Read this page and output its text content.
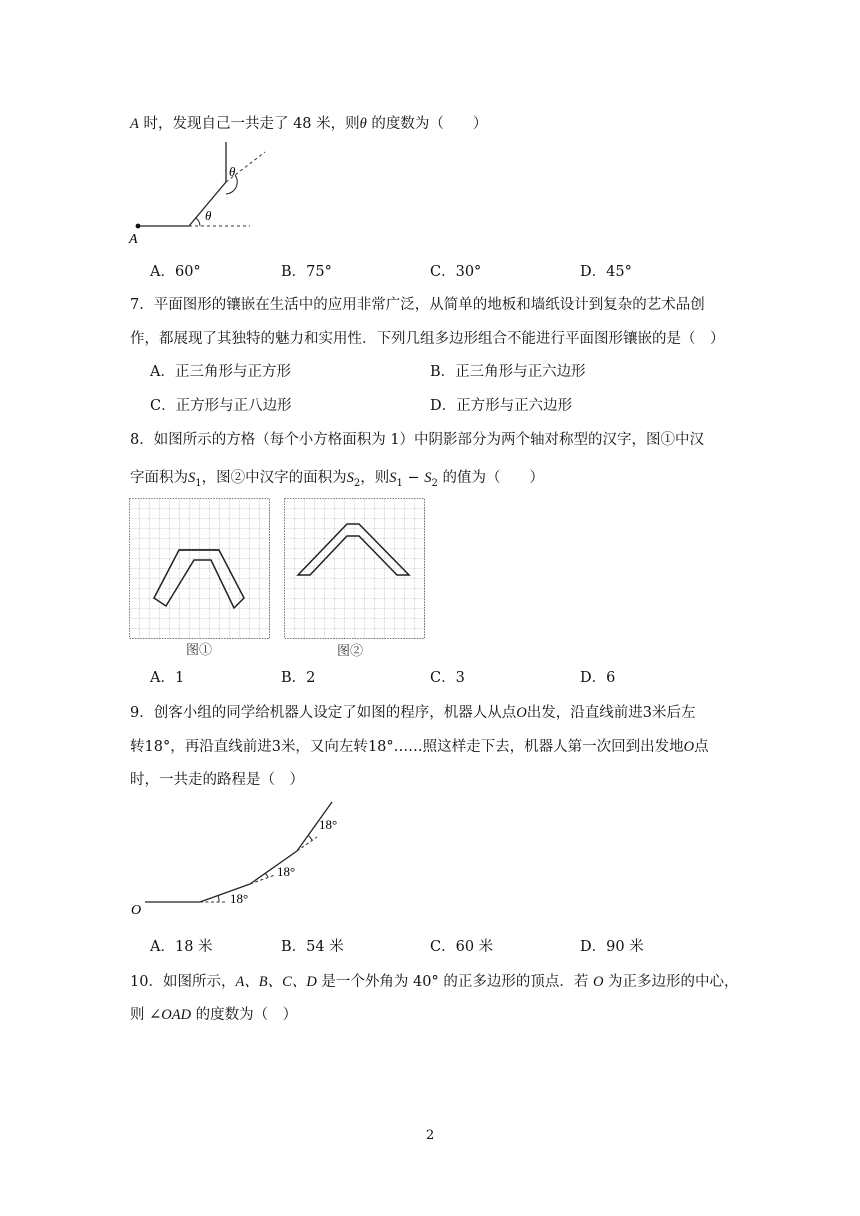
A 时，发现自己一共走了 48 米，则θ 的度数为（　　）
θ
θ
A
A．60°	B．75°	C．30°	D．45°
7．平面图形的镶嵌在生活中的应用非常广泛，从简单的地板和墙纸设计到复杂的艺术品创
作，都展现了其独特的魅力和实用性．下列几组多边形组合不能进行平面图形镶嵌的是（　）
A．正三角形与正方形	B．正三角形与正六边形
C．正方形与正八边形	D．正方形与正六边形
8．如图所示的方格（每个小方格面积为 1）中阴影部分为两个轴对称型的汉字，图①中汉
字面积为$S_1$，图②中汉字的面积为$S_2$，则$S_1 - S_2$ 的值为（　　）
图①	图②
A．1	B．2	C．3	D．6
9．创客小组的同学给机器人设定了如图的程序，机器人从点O出发，沿直线前进3米后左
转18°，再沿直线前进3米，又向左转18°……照这样走下去，机器人第一次回到出发地O点
时，一共走的路程是（　）
18°
18°
18°
O
A．18 米	B．54 米	C．60 米	D．90 米
10．如图所示，A、B、C、D 是一个外角为 40° 的正多边形的顶点．若 O 为正多边形的中心，
则 ∠OAD 的度数为（　）
2
